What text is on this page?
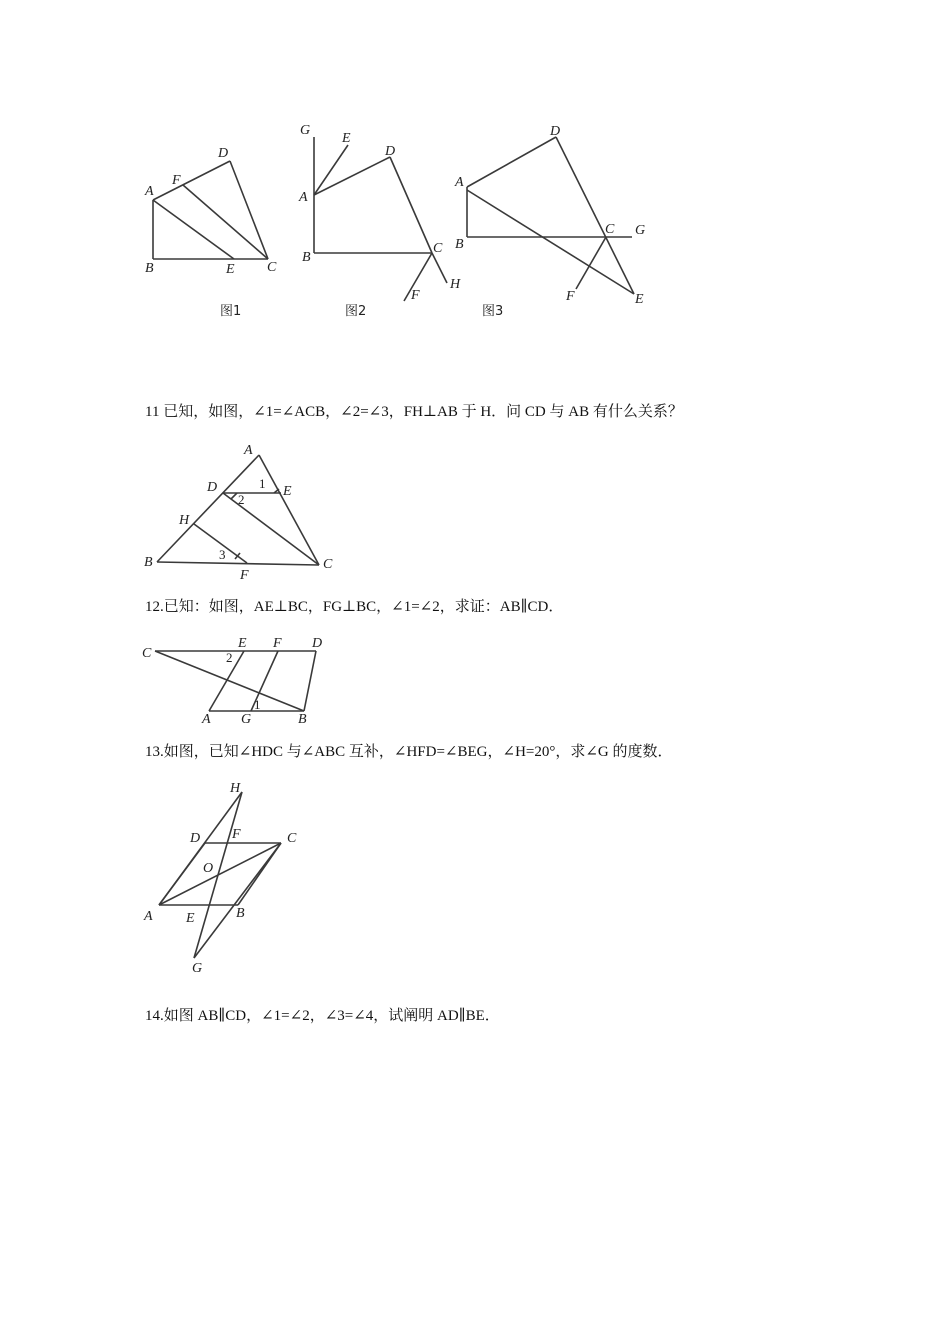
A
B	C
D
E
F
图1
G
E
A
D
B
C
F
H
图2
A
B
D
C G
F	E
图3
11 已知，如图，∠1=∠ACB，∠2=∠3，FH⊥AB 于 H．问 CD 与 AB 有什么关系？
A
D	E
H
B	C
F
1
2
3
12.已知：如图，AE⊥BC，FG⊥BC，∠1=∠2，求证：AB∥CD．
C
E F D
A G	B
2
1
13.如图，已知∠HDC 与∠ABC 互补，∠HFD=∠BEG，∠H=20°，求∠G 的度数．
H
D F	C
O
A E	B
G
14.如图 AB∥CD，∠1=∠2，∠3=∠4，试阐明 AD∥BE．
